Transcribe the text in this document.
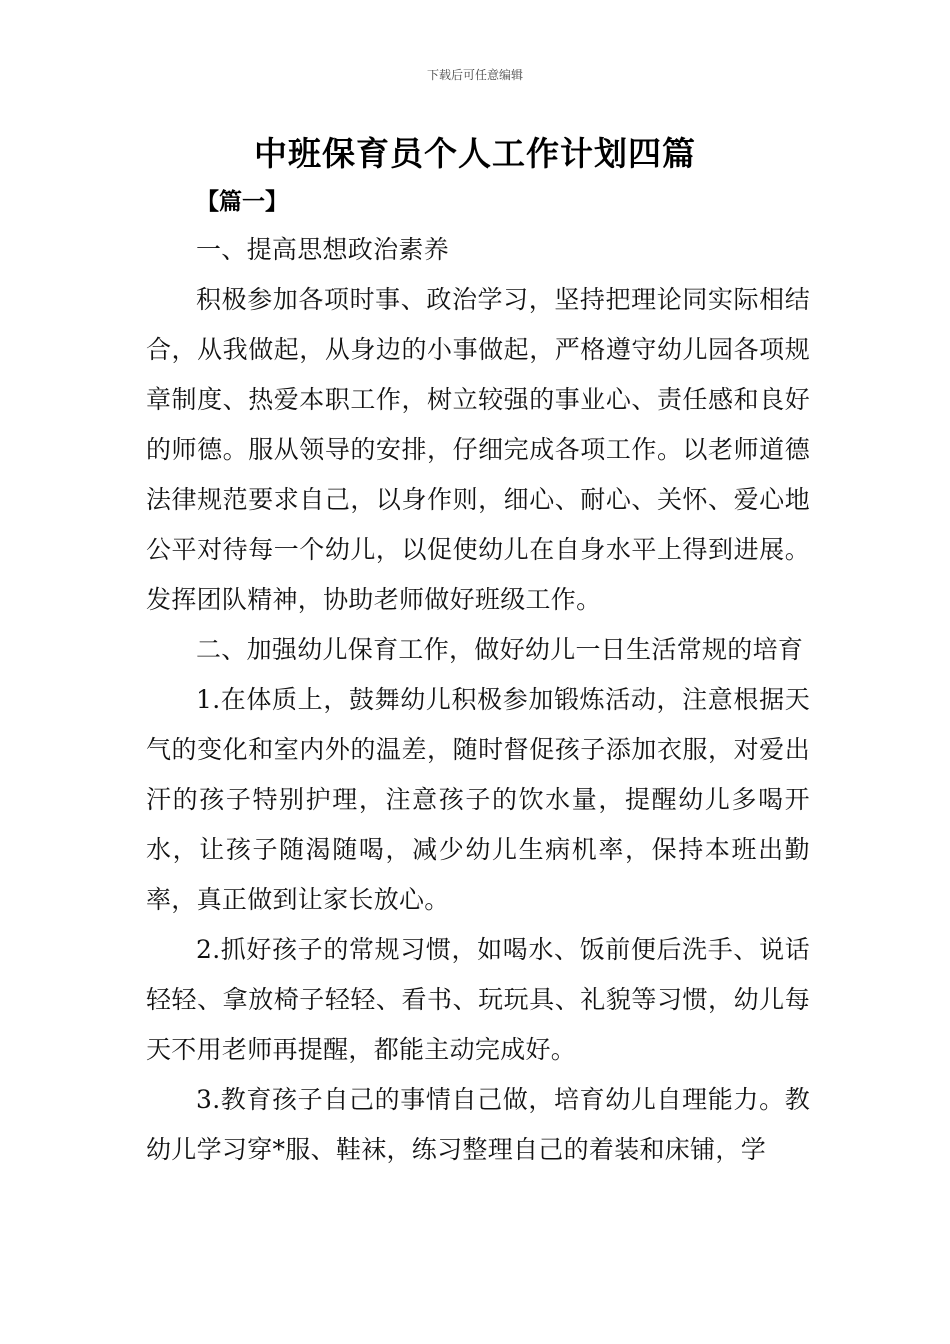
下载后可任意编辑
中班保育员个人工作计划四篇
【篇一】

一、提高思想政治素养

积极参加各项时事、政治学习，坚持把理论同实际相结合，从我做起，从身边的小事做起，严格遵守幼儿园各项规章制度、热爱本职工作，树立较强的事业心、责任感和良好的师德。服从领导的安排，仔细完成各项工作。以老师道德法律规范要求自己，以身作则，细心、耐心、关怀、爱心地公平对待每一个幼儿，以促使幼儿在自身水平上得到进展。发挥团队精神，协助老师做好班级工作。

二、加强幼儿保育工作，做好幼儿一日生活常规的培育

1.在体质上，鼓舞幼儿积极参加锻炼活动，注意根据天气的变化和室内外的温差，随时督促孩子添加衣服，对爱出汗的孩子特别护理，注意孩子的饮水量，提醒幼儿多喝开水，让孩子随渴随喝，减少幼儿生病机率，保持本班出勤率，真正做到让家长放心。

2.抓好孩子的常规习惯，如喝水、饭前便后洗手、说话轻轻、拿放椅子轻轻、看书、玩玩具、礼貌等习惯，幼儿每天不用老师再提醒，都能主动完成好。

3.教育孩子自己的事情自己做，培育幼儿自理能力。教幼儿学习穿*服、鞋袜，练习整理自己的着装和床铺，学
